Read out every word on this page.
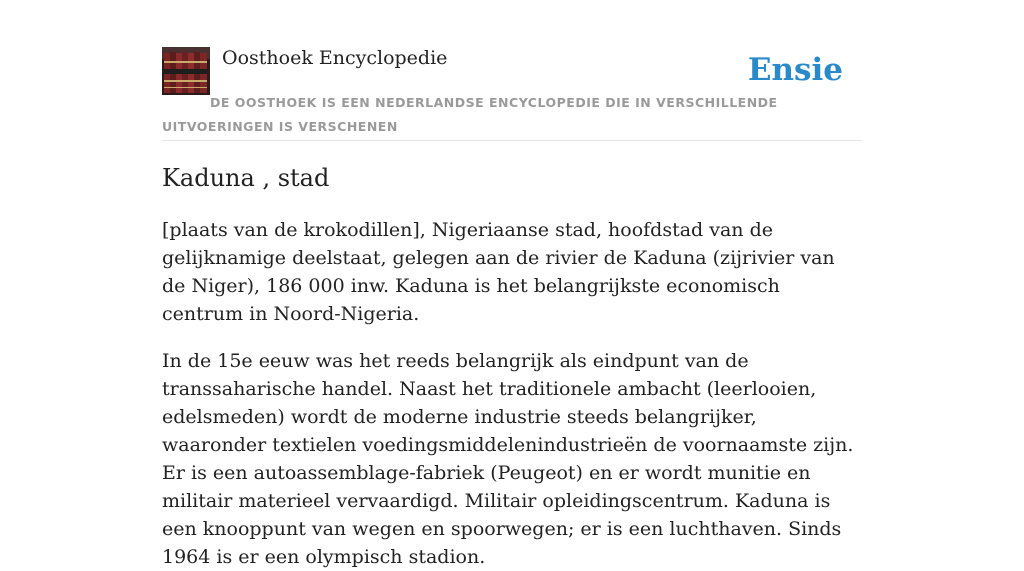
Oosthoek Encyclopedie	Ensie
DE OOSTHOEK IS EEN NEDERLANDSE ENCYCLOPEDIE DIE IN VERSCHILLENDE UITVOERINGEN IS VERSCHENEN
Kaduna , stad

[plaats van de krokodillen], Nigeriaanse stad, hoofdstad van de gelijknamige deelstaat, gelegen aan de rivier de Kaduna (zijrivier van de Niger), 186 000 inw. Kaduna is het belangrijkste economisch centrum in Noord-Nigeria.

In de 15e eeuw was het reeds belangrijk als eindpunt van de transsaharische handel. Naast het traditionele ambacht (leerlooien, edelsmeden) wordt de moderne industrie steeds belangrijker, waaronder textielen voedingsmiddelenindustrieën de voornaamste zijn. Er is een autoassemblage-fabriek (Peugeot) en er wordt munitie en militair materieel vervaardigd. Militair opleidingscentrum. Kaduna is een knooppunt van wegen en spoorwegen; er is een luchthaven. Sinds 1964 is er een olympisch stadion.
